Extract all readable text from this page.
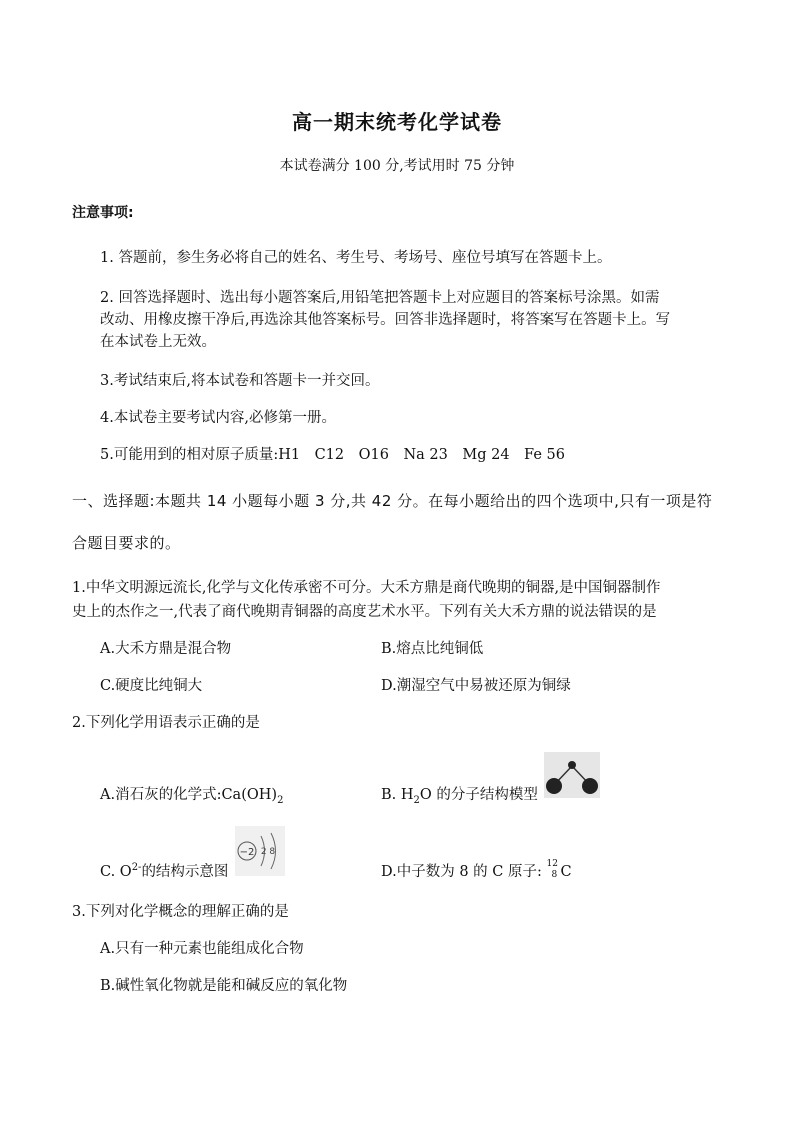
高一期末统考化学试卷
本试卷满分 100 分,考试用时 75 分钟
注意事项:
1. 答题前，参生务必将自己的姓名、考生号、考场号、座位号填写在答题卡上。
2. 回答选择题时、选出每小题答案后,用铅笔把答题卡上对应题目的答案标号涂黑。如需
改动、用橡皮擦干净后,再选涂其他答案标号。回答非选择题时，将答案写在答题卡上。写
在本试卷上无效。
3.考试结束后,将本试卷和答题卡一并交回。
4.本试卷主要考试内容,必修第一册。
5.可能用到的相对原子质量:H1　C12　O16　Na 23　Mg 24　Fe 56
一、选择题:本题共 14 小题每小题 3 分,共 42 分。在每小题给出的四个选项中,只有一项是符
合题目要求的。
1.中华文明源远流长,化学与文化传承密不可分。大禾方鼎是商代晚期的铜器,是中国铜器制作
史上的杰作之一,代表了商代晚期青铜器的高度艺术水平。下列有关大禾方鼎的说法错误的是
A.大禾方鼎是混合物	B.熔点比纯铜低
C.硬度比纯铜大	D.潮湿空气中易被还原为铜绿
2.下列化学用语表示正确的是
A.消石灰的化学式$:Ca(OH)_2$	B. $H_2O$ 的分子结构模型
C. $O^{2-}$的结构示意图
−2 2 8
D.中子数为 8 的 C 原子: 12
8 C
3.下列对化学概念的理解正确的是
A.只有一种元素也能组成化合物
B.碱性氧化物就是能和碱反应的氧化物
